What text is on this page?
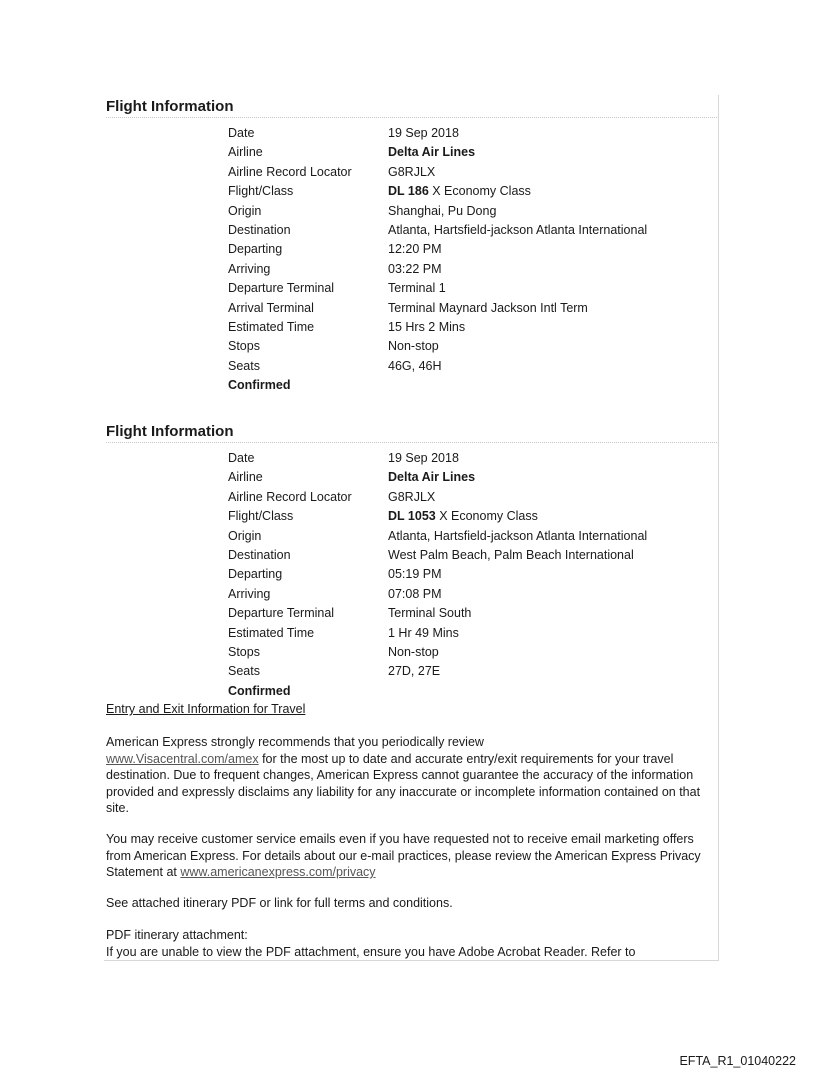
Flight Information
Date	19 Sep 2018
Airline	Delta Air Lines
Airline Record Locator	G8RJLX
Flight/Class	DL 186 X Economy Class
Origin	Shanghai, Pu Dong
Destination	Atlanta, Hartsfield-jackson Atlanta International
Departing	12:20 PM
Arriving	03:22 PM
Departure Terminal	Terminal 1
Arrival Terminal	Terminal Maynard Jackson Intl Term
Estimated Time	15 Hrs 2 Mins
Stops	Non-stop
Seats	46G, 46H
Confirmed
Flight Information
Date	19 Sep 2018
Airline	Delta Air Lines
Airline Record Locator	G8RJLX
Flight/Class	DL 1053 X Economy Class
Origin	Atlanta, Hartsfield-jackson Atlanta International
Destination	West Palm Beach, Palm Beach International
Departing	05:19 PM
Arriving	07:08 PM
Departure Terminal	Terminal South
Estimated Time	1 Hr 49 Mins
Stops	Non-stop
Seats	27D, 27E
Confirmed
Entry and Exit Information for Travel
American Express strongly recommends that you periodically review
www.Visacentral.com/amex for the most up to date and accurate entry/exit requirements for your travel destination. Due to frequent changes, American Express cannot guarantee the accuracy of the information provided and expressly disclaims any liability for any inaccurate or incomplete information contained on that site.
You may receive customer service emails even if you have requested not to receive email marketing offers from American Express. For details about our e-mail practices, please review the American Express Privacy Statement at www.americanexpress.com/privacy
See attached itinerary PDF or link for full terms and conditions.
PDF itinerary attachment:
If you are unable to view the PDF attachment, ensure you have Adobe Acrobat Reader. Refer to
EFTA_R1_01040222
